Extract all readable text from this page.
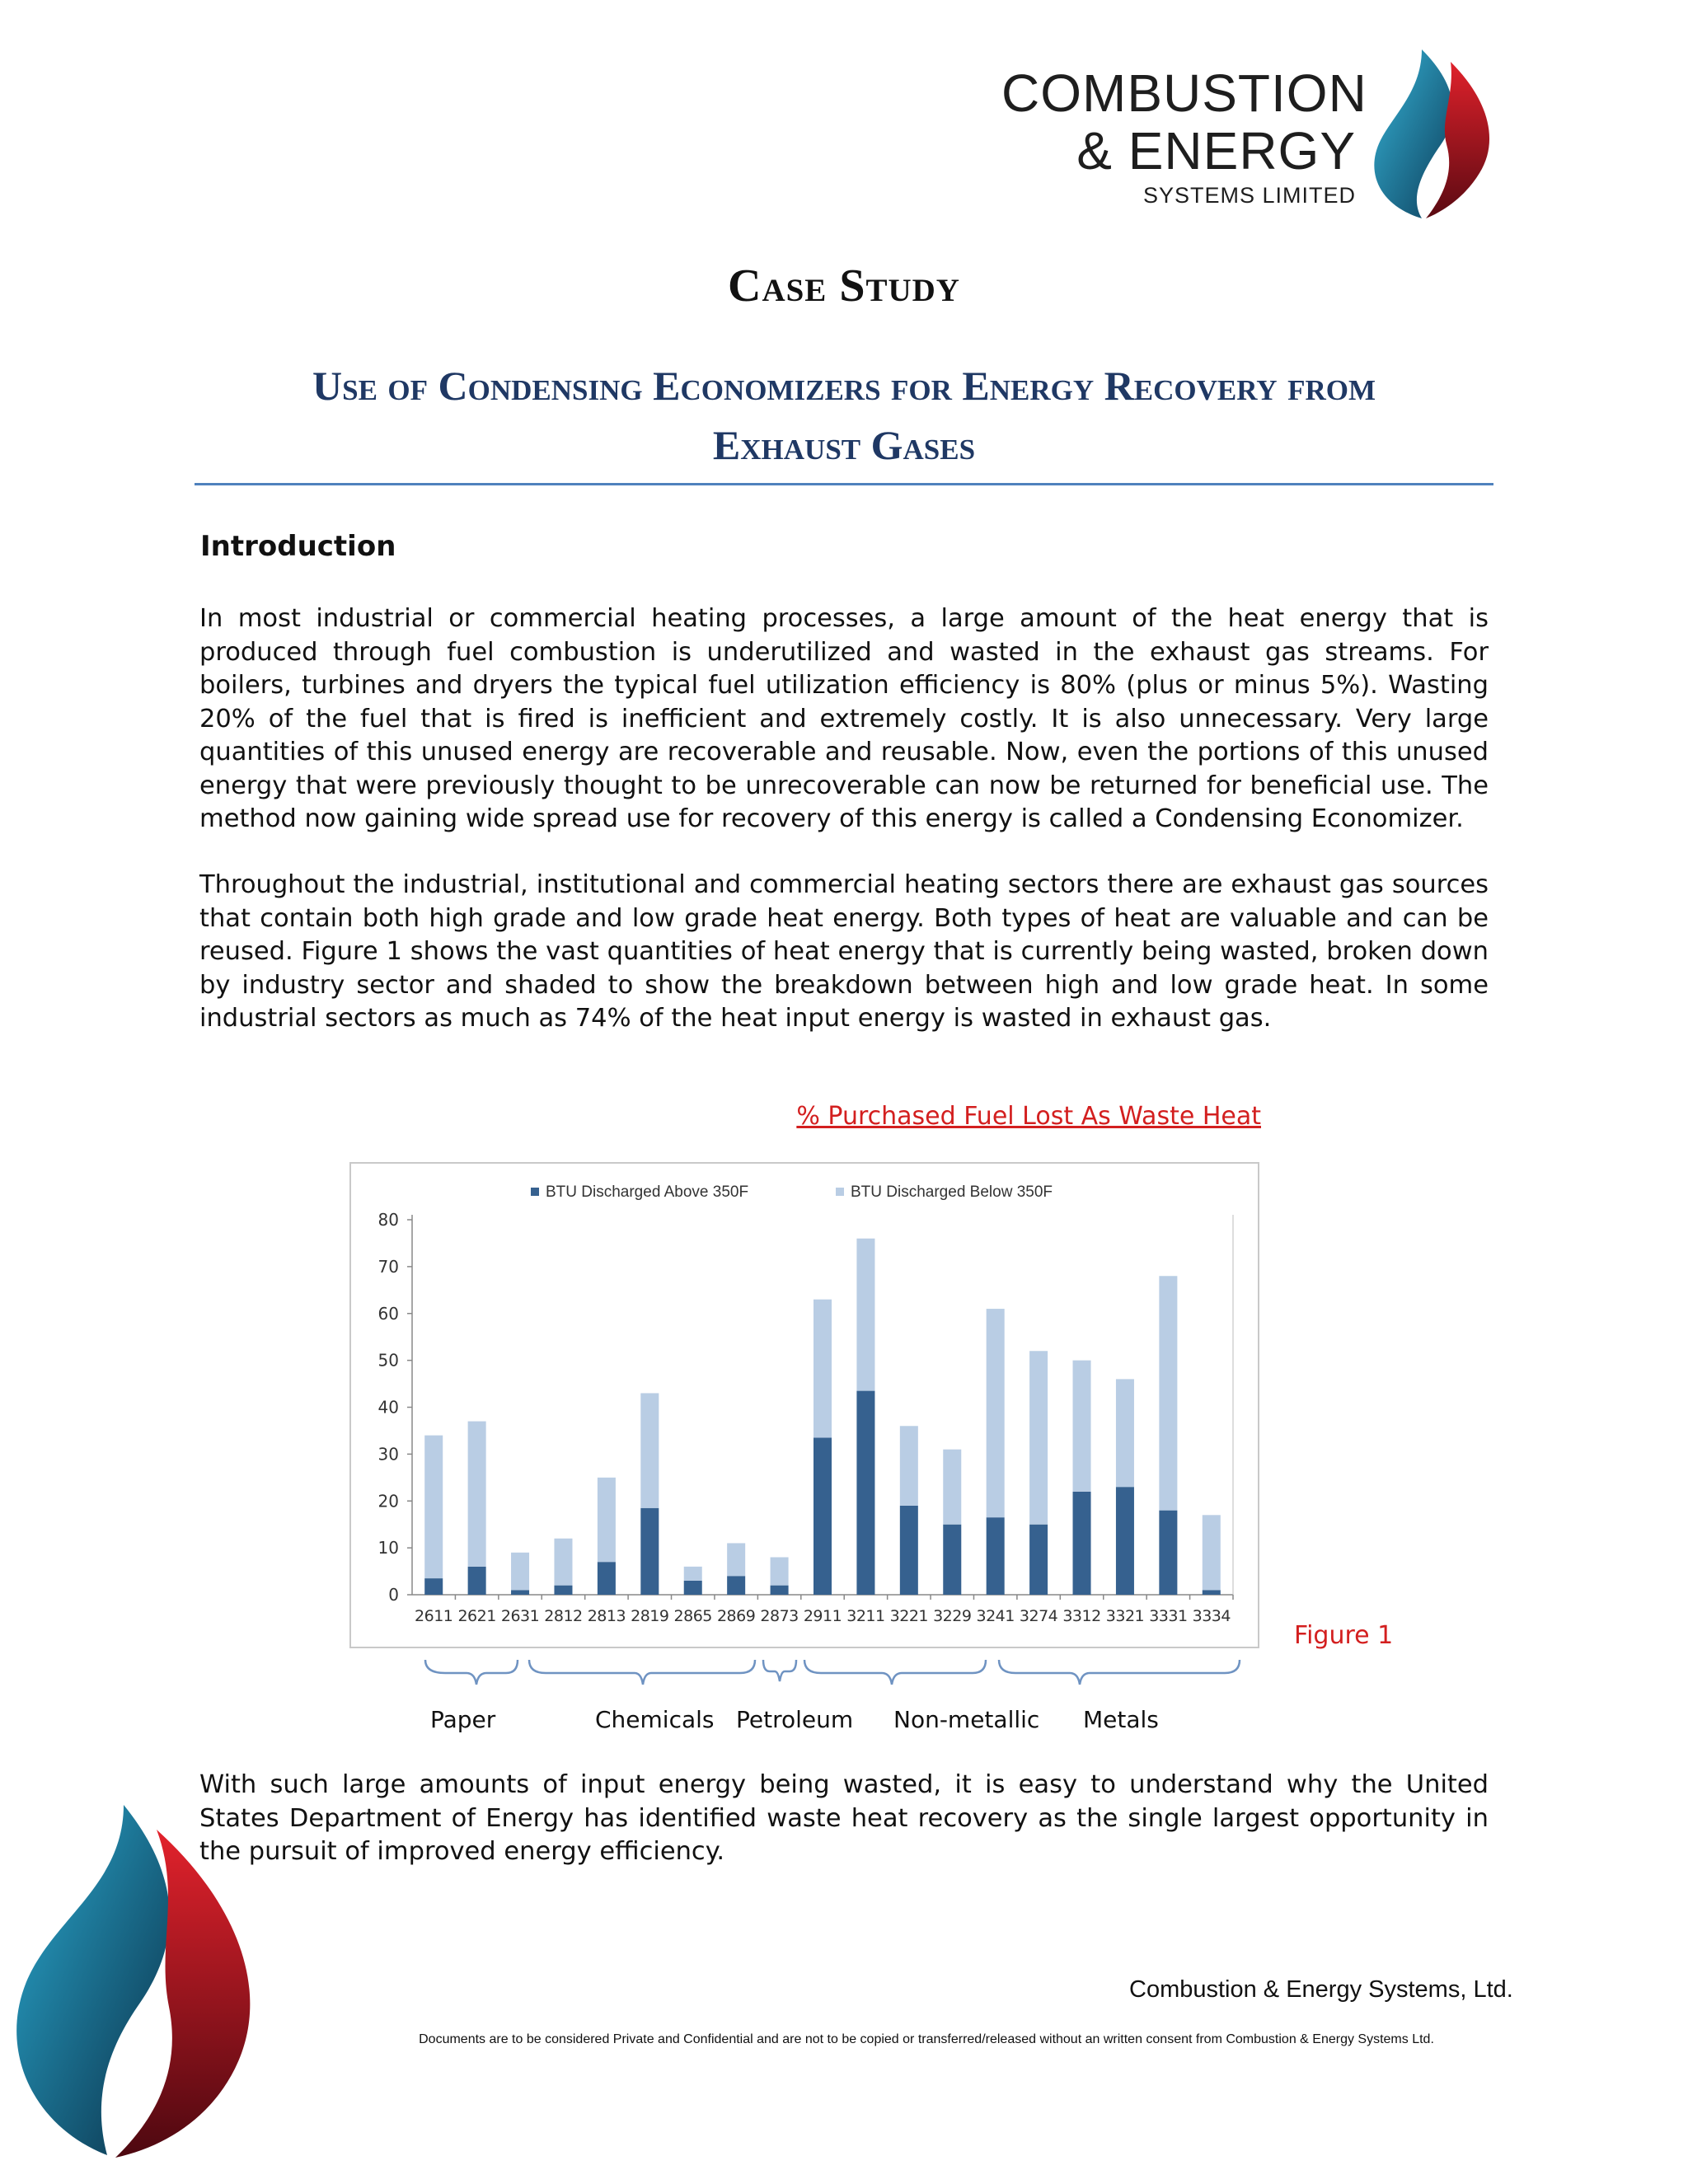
COMBUSTION
& ENERGY
SYSTEMS LIMITED
Case Study
Use of Condensing Economizers for Energy Recovery from
Exhaust Gases
Introduction
In most industrial or commercial heating processes, a large amount of the heat energy that is produced through fuel combustion is underutilized and wasted in the exhaust gas streams. For boilers, turbines and dryers the typical fuel utilization efficiency is 80% (plus or minus 5%). Wasting 20% of the fuel that is fired is inefficient and extremely costly. It is also unnecessary. Very large quantities of this unused energy are recoverable and reusable. Now, even the portions of this unused energy that were previously thought to be unrecoverable can now be returned for beneficial use. The method now gaining wide spread use for recovery of this energy is called a Condensing Economizer.
Throughout the industrial, institutional and commercial heating sectors there are exhaust gas sources that contain both high grade and low grade heat energy. Both types of heat are valuable and can be reused. Figure 1 shows the vast quantities of heat energy that is currently being wasted, broken down by industry sector and shaded to show the breakdown between high and low grade heat. In some industrial sectors as much as 74% of the heat input energy is wasted in exhaust gas.
% Purchased Fuel Lost As Waste Heat
BTU Discharged Above 350F	BTU Discharged Below 350F
0
10
20
30
40
50
60
70
80
2611 2621 2631 2812 2813 2819 2865 2869 2873 2911 3211 3221 3229 3241 3274 3312 3321 3331 3334
Figure 1
Paper	Chemicals Petroleum Non-metallic Metals
With such large amounts of input energy being wasted, it is easy to understand why the United States Department of Energy has identified waste heat recovery as the single largest opportunity in the pursuit of improved energy efficiency.
Combustion & Energy Systems, Ltd.
Documents are to be considered Private and Confidential and are not to be copied or transferred/released without an written consent from Combustion & Energy Systems Ltd.
